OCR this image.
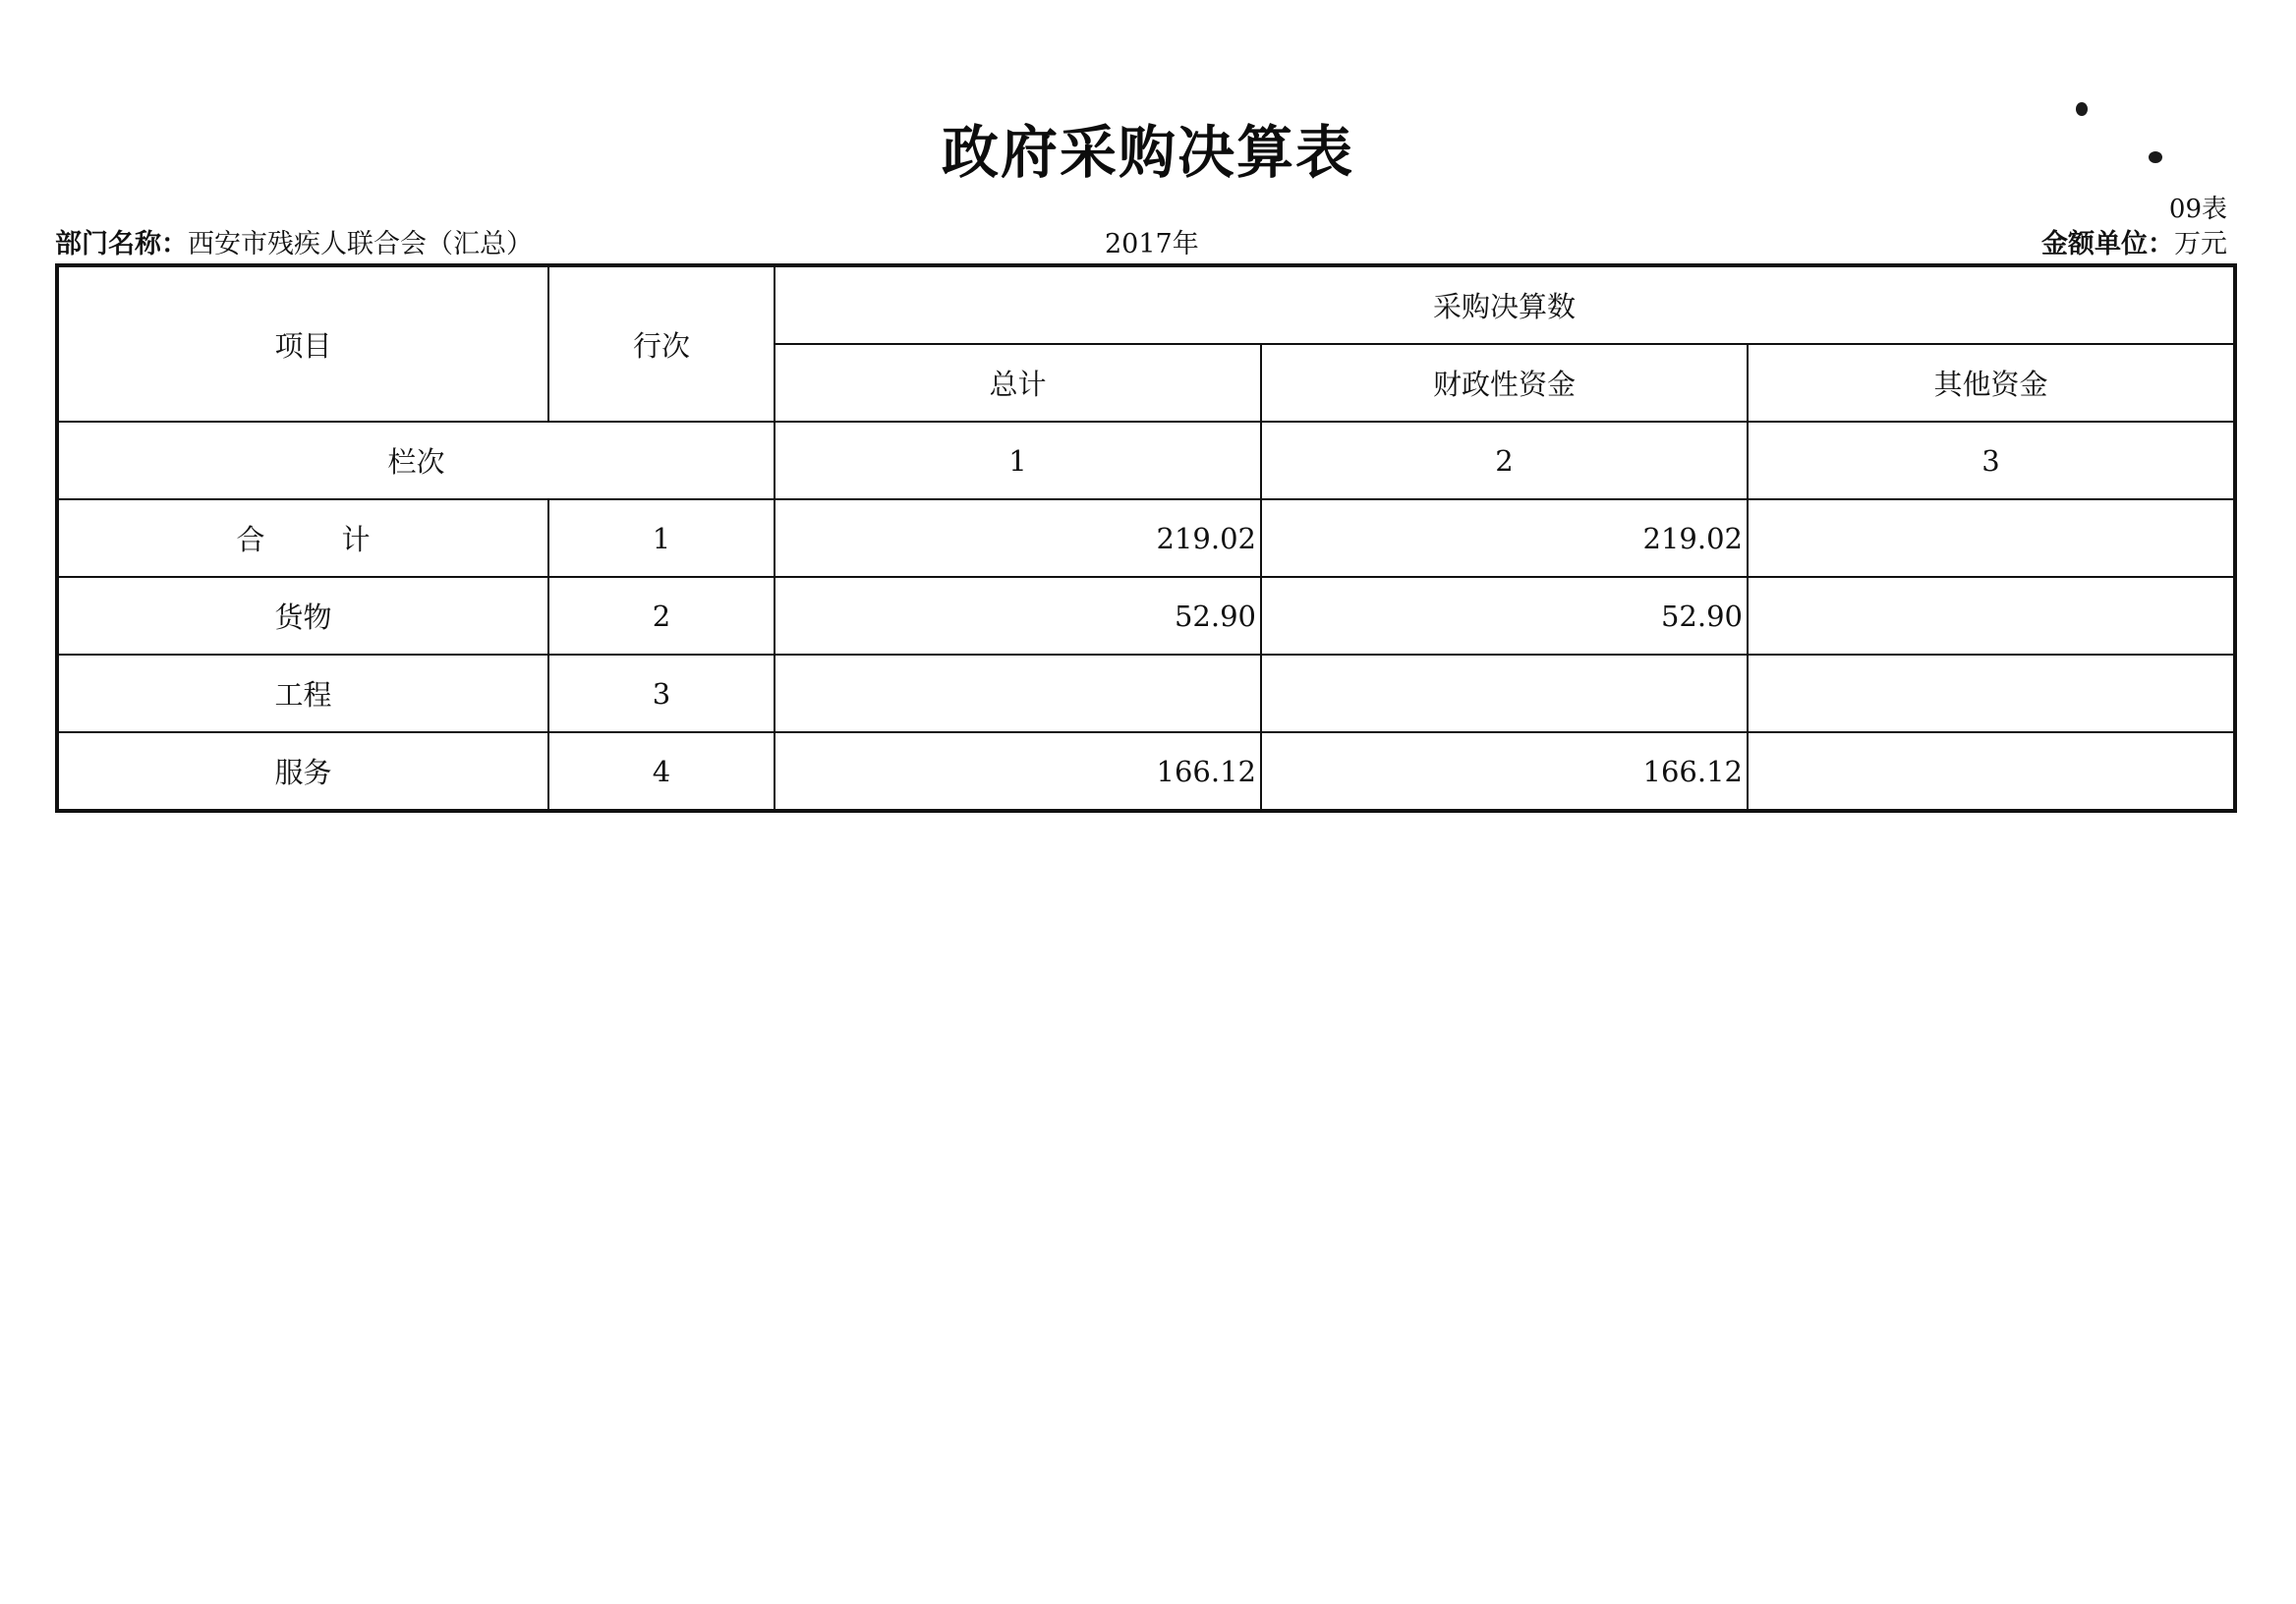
政府采购决算表
09表
部门名称：西安市残疾人联合会（汇总）	2017年	金额单位：万元
项目	行次	采购决算数		
		总计	财政性资金	其他资金
栏次		1	2	3
合计	1	219.02	219.02	
货物	2	52.90	52.90	
工程	3			
服务	4	166.12	166.12	
